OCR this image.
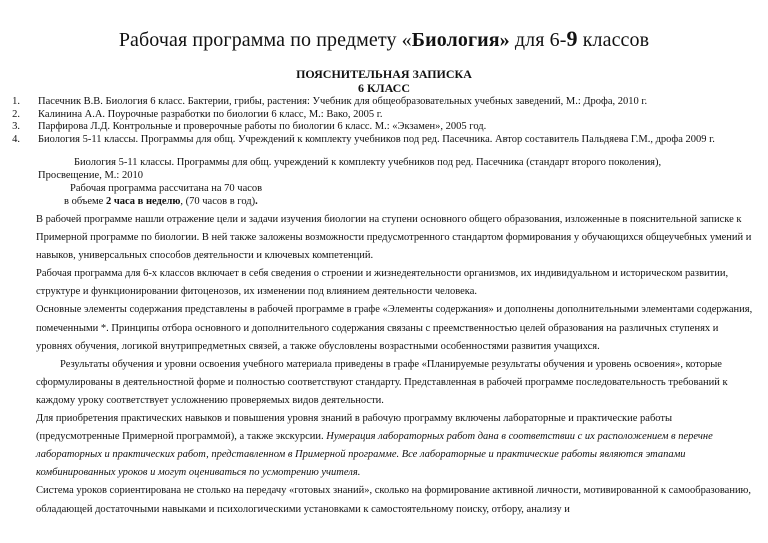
Рабочая программа по предмету «Биология» для 6-9 классов
ПОЯСНИТЕЛЬНАЯ ЗАПИСКА
6 КЛАСС
1. Пасечник В.В. Биология 6 класс. Бактерии, грибы, растения: Учебник для общеобразовательных учебных заведений, М.: Дрофа, 2010 г.
2. Калинина А.А. Поурочные разработки по биологии 6 класс, М.: Вако, 2005 г.
3. Парфирова Л.Д. Контрольные и проверочные работы по биологии 6 класс. М.: «Экзамен», 2005 год.
4. Биология 5-11 классы. Программы для общ. Учреждений к комплекту учебников под ред. Пасечника. Автор составитель Пальдяева Г.М., дрофа 2009 г.
Биология 5-11 классы. Программы для общ. учреждений к комплекту учебников под ред. Пасечника (стандарт второго поколения),
Просвещение, М.: 2010
Рабочая программа рассчитана на 70 часов
в объеме 2 часа в неделю, (70 часов в год).

В рабочей программе нашли отражение цели и задачи изучения биологии на ступени основного общего образования, изложенные в пояснительной записке к Примерной программе по биологии. В ней также заложены возможности предусмотренного стандартом формирования у обучающихся общеучебных умений и навыков, универсальных способов деятельности и ключевых компетенций.

Рабочая программа для 6-х классов включает в себя сведения о строении и жизнедеятельности организмов, их индивидуальном и историческом развитии, структуре и функционировании фитоценозов, их изменении под влиянием деятельности человека.

Основные элементы содержания представлены в рабочей программе в графе «Элементы содержания» и дополнены дополнительными элементами содержания, помеченными *. Принципы отбора основного и дополнительного содержания связаны с преемственностью целей образования на различных ступенях и уровнях обучения, логикой внутрипредметных связей, а также обусловлены возрастными особенностями развития учащихся.

Результаты обучения и уровни освоения учебного материала приведены в графе «Планируемые результаты обучения и уровень освоения», которые сформулированы в деятельностной форме и полностью соответствуют стандарту. Представленная в рабочей программе последовательность требований к каждому уроку соответствует усложнению проверяемых видов деятельности.

Для приобретения практических навыков и повышения уровня знаний в рабочую программу включены лабораторные и практические работы (предусмотренные Примерной программой), а также экскурсии. Нумерация лабораторных работ дана в соответствии с их расположением в перечне лабораторных и практических работ, представленном в Примерной программе. Все лабораторные и практические работы являются этапами комбинированных уроков и могут оцениваться по усмотрению учителя.

Система уроков сориентирована не столько на передачу «готовых знаний», сколько на формирование активной личности, мотивированной к самообразованию, обладающей достаточными навыками и психологическими установками к самостоятельному поиску, отбору, анализу и
